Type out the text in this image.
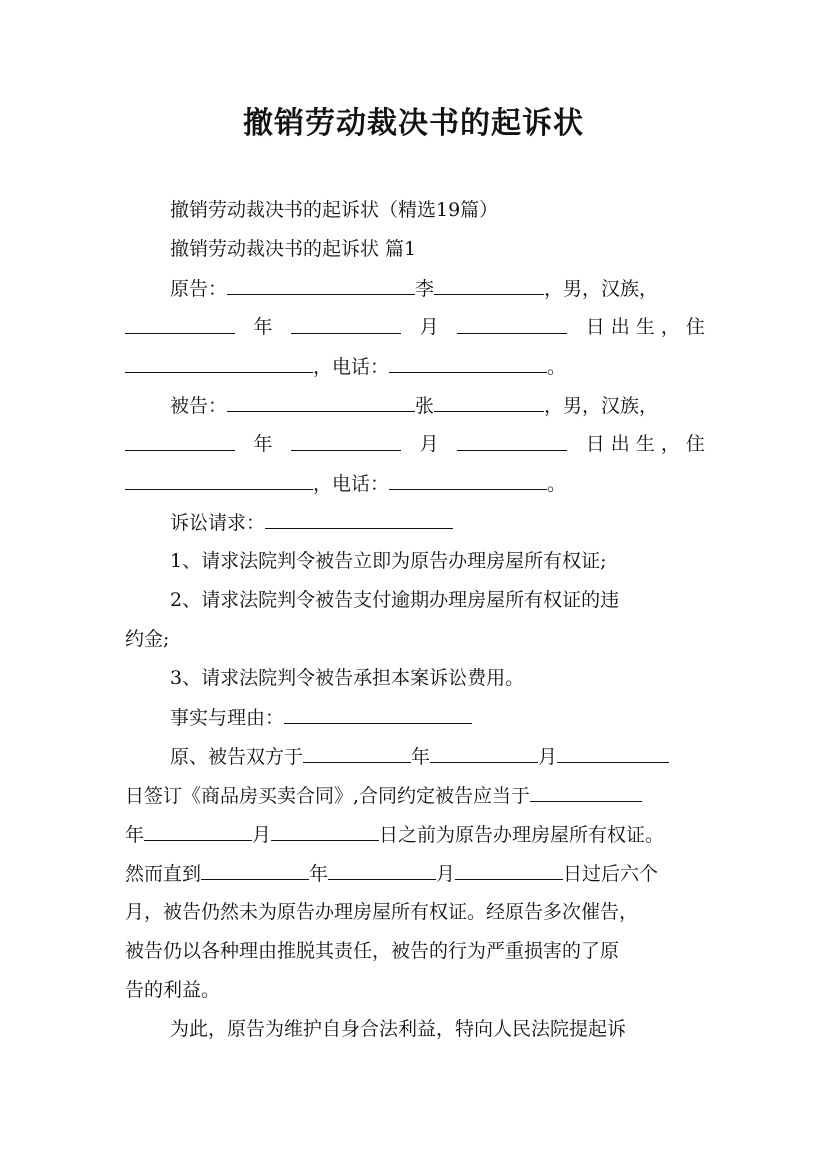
撤销劳动裁决书的起诉状
撤销劳动裁决书的起诉状（精选19篇）
撤销劳动裁决书的起诉状 篇1
原告：	李	，男，汉族，
年	月	日 出 生 ， 住
，电话：	。
被告：	张	，男，汉族，
年	月	日 出 生 ， 住
，电话：	。
诉讼请求：
1、请求法院判令被告立即为原告办理房屋所有权证;
2、请求法院判令被告支付逾期办理房屋所有权证的违
约金;
3、请求法院判令被告承担本案诉讼费用。
事实与理由：
原、被告双方于	年	月
日签订《商品房买卖合同》,合同约定被告应当于
年	月	日之前为原告办理房屋所有权证。
然而直到	年	月	日过后六个
月，被告仍然未为原告办理房屋所有权证。经原告多次催告，
被告仍以各种理由推脱其责任，被告的行为严重损害的了原
告的利益。
为此，原告为维护自身合法利益，特向人民法院提起诉
